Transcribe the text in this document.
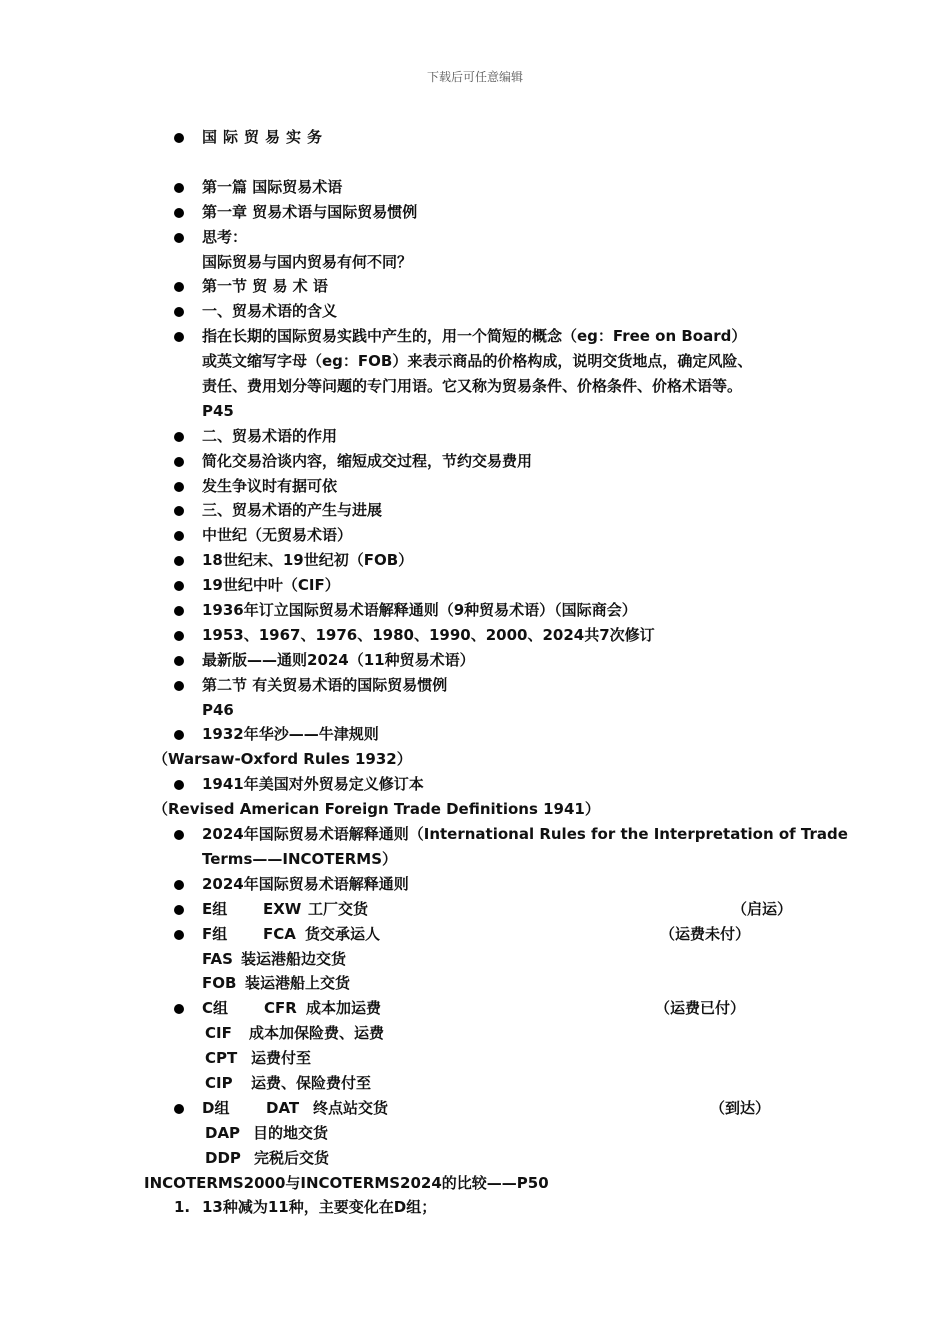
下载后可任意编辑
国际贸易实务
第一篇 国际贸易术语
第一章 贸易术语与国际贸易惯例
思考：
国际贸易与国内贸易有何不同？
第一节 贸 易 术 语
一、贸易术语的含义
指在长期的国际贸易实践中产生的，用一个简短的概念（eg：Free on Board）
或英文缩写字母（eg：FOB）来表示商品的价格构成，说明交货地点，确定风险、
责任、费用划分等问题的专门用语。它又称为贸易条件、价格条件、价格术语等。
P45
二、贸易术语的作用
简化交易洽谈内容，缩短成交过程，节约交易费用
发生争议时有据可依
三、贸易术语的产生与进展
中世纪（无贸易术语）
18世纪末、19世纪初（FOB）
19世纪中叶（CIF）
1936年订立国际贸易术语解释通则（9种贸易术语）（国际商会）
1953、1967、1976、1980、1990、2000、2024共7次修订
最新版——通则2024（11种贸易术语）
第二节 有关贸易术语的国际贸易惯例
P46
1932年华沙——牛津规则
（Warsaw-Oxford Rules 1932）
1941年美国对外贸易定义修订本
（Revised American Foreign Trade Definitions 1941）
2024年国际贸易术语解释通则（International Rules for the Interpretation of Trade
Terms——INCOTERMS）
2024年国际贸易术语解释通则
E组 EXW 工厂交货	（启运）
F组 FCA 货交承运人	（运费未付）
FAS 装运港船边交货
FOB 装运港船上交货
C组 CFR 成本加运费	（运费已付）
CIF 成本加保险费、运费
CPT 运费付至
CIP 运费、保险费付至
D组 DAT 终点站交货	（到达）
DAP 目的地交货
DDP 完税后交货
INCOTERMS2000与INCOTERMS2024的比较——P50
1. 13种减为11种，主要变化在D组；
